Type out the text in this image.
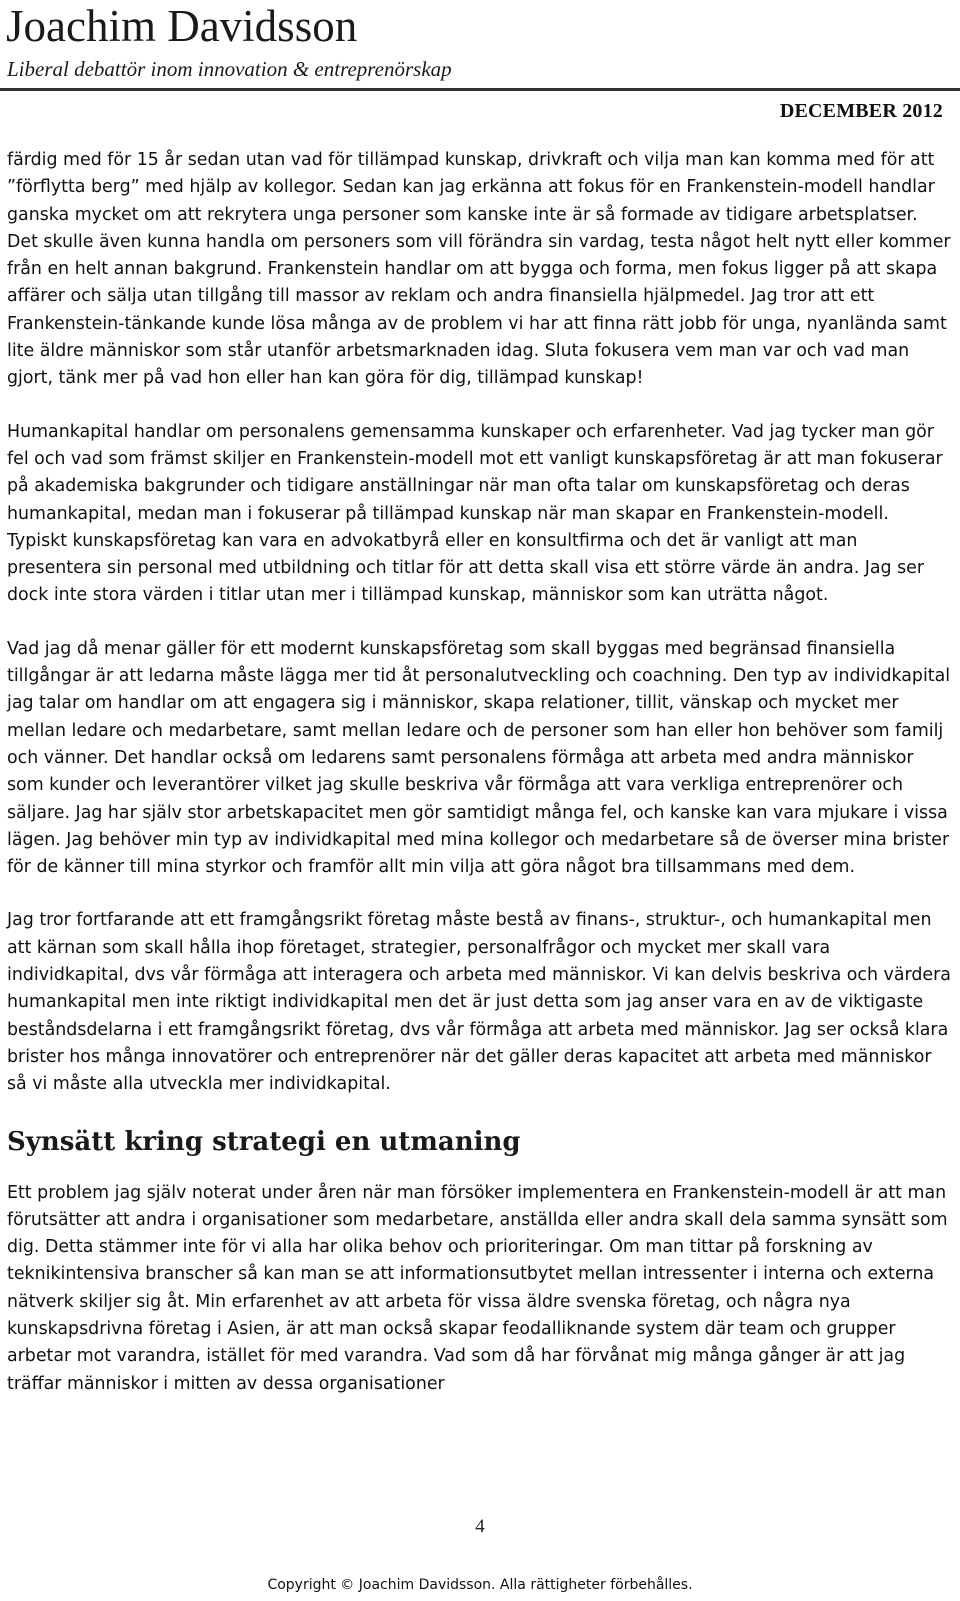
Joachim Davidsson
Liberal debattör inom innovation & entreprenörskap
DECEMBER 2012

färdig med för 15 år sedan utan vad för tillämpad kunskap, drivkraft och vilja man kan komma med för att ”förflytta berg” med hjälp av kollegor. Sedan kan jag erkänna att fokus för en Frankenstein-modell handlar ganska mycket om att rekrytera unga personer som kanske inte är så formade av tidigare arbetsplatser. Det skulle även kunna handla om personers som vill förändra sin vardag, testa något helt nytt eller kommer från en helt annan bakgrund. Frankenstein handlar om att bygga och forma, men fokus ligger på att skapa affärer och sälja utan tillgång till massor av reklam och andra finansiella hjälpmedel. Jag tror att ett Frankenstein-tänkande kunde lösa många av de problem vi har att finna rätt jobb för unga, nyanlända samt lite äldre människor som står utanför arbetsmarknaden idag. Sluta fokusera vem man var och vad man gjort, tänk mer på vad hon eller han kan göra för dig, tillämpad kunskap!

Humankapital handlar om personalens gemensamma kunskaper och erfarenheter. Vad jag tycker man gör fel och vad som främst skiljer en Frankenstein-modell mot ett vanligt kunskapsföretag är att man fokuserar på akademiska bakgrunder och tidigare anställningar när man ofta talar om kunskapsföretag och deras humankapital, medan man i fokuserar på tillämpad kunskap när man skapar en Frankenstein-modell. Typiskt kunskapsföretag kan vara en advokatbyrå eller en konsultfirma och det är vanligt att man presentera sin personal med utbildning och titlar för att detta skall visa ett större värde än andra. Jag ser dock inte stora värden i titlar utan mer i tillämpad kunskap, människor som kan uträtta något.

Vad jag då menar gäller för ett modernt kunskapsföretag som skall byggas med begränsad finansiella tillgångar är att ledarna måste lägga mer tid åt personalutveckling och coachning. Den typ av individkapital jag talar om handlar om att engagera sig i människor, skapa relationer, tillit, vänskap och mycket mer mellan ledare och medarbetare, samt mellan ledare och de personer som han eller hon behöver som familj och vänner. Det handlar också om ledarens samt personalens förmåga att arbeta med andra människor som kunder och leverantörer vilket jag skulle beskriva vår förmåga att vara verkliga entreprenörer och säljare. Jag har själv stor arbetskapacitet men gör samtidigt många fel, och kanske kan vara mjukare i vissa lägen. Jag behöver min typ av individkapital med mina kollegor och medarbetare så de överser mina brister för de känner till mina styrkor och framför allt min vilja att göra något bra tillsammans med dem.

Jag tror fortfarande att ett framgångsrikt företag måste bestå av finans-, struktur-, och humankapital men att kärnan som skall hålla ihop företaget, strategier, personalfrågor och mycket mer skall vara individkapital, dvs vår förmåga att interagera och arbeta med människor. Vi kan delvis beskriva och värdera humankapital men inte riktigt individkapital men det är just detta som jag anser vara en av de viktigaste beståndsdelarna i ett framgångsrikt företag, dvs vår förmåga att arbeta med människor. Jag ser också klara brister hos många innovatörer och entreprenörer när det gäller deras kapacitet att arbeta med människor så vi måste alla utveckla mer individkapital.

Synsätt kring strategi en utmaning

Ett problem jag själv noterat under åren när man försöker implementera en Frankenstein-modell är att man förutsätter att andra i organisationer som medarbetare, anställda eller andra skall dela samma synsätt som dig. Detta stämmer inte för vi alla har olika behov och prioriteringar. Om man tittar på forskning av teknikintensiva branscher så kan man se att informationsutbytet mellan intressenter i interna och externa nätverk skiljer sig åt. Min erfarenhet av att arbeta för vissa äldre svenska företag, och några nya kunskapsdrivna företag i Asien, är att man också skapar feodalliknande system där team och grupper arbetar mot varandra, istället för med varandra. Vad som då har förvånat mig många gånger är att jag träffar människor i mitten av dessa organisationer

4
Copyright © Joachim Davidsson. Alla rättigheter förbehålles.
